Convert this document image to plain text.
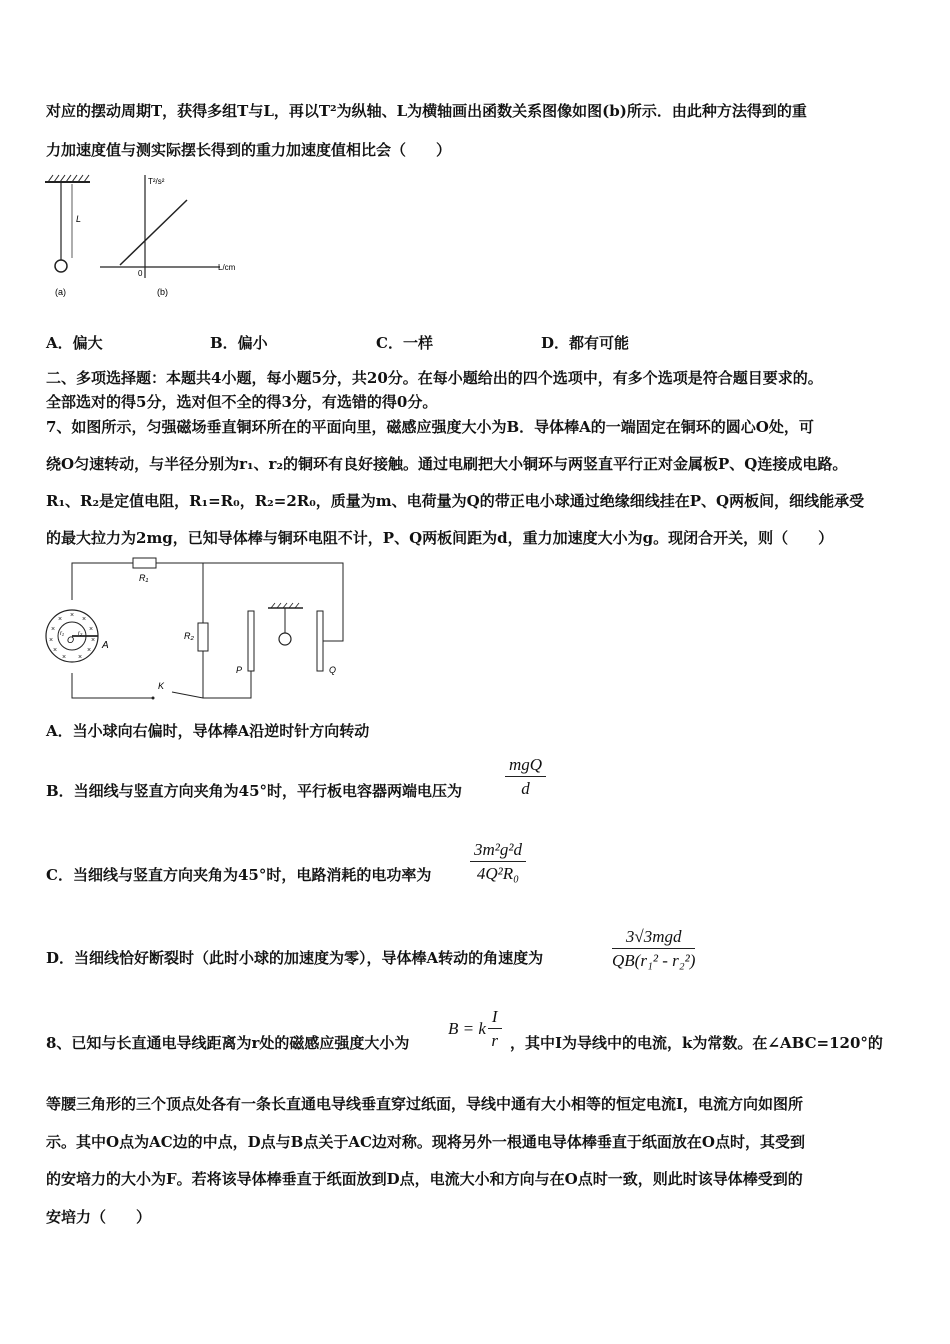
对应的摆动周期T，获得多组T与L，再以T²为纵轴、L为横轴画出函数关系图像如图(b)所示．由此种方法得到的重
力加速度值与测实际摆长得到的重力加速度值相比会（　　）
L
(a)
T²/s²
L/cm
0
(b)
A．偏大	B．偏小	C．一样	D．都有可能
二、多项选择题：本题共4小题，每小题5分，共20分。在每小题给出的四个选项中，有多个选项是符合题目要求的。
全部选对的得5分，选对但不全的得3分，有选错的得0分。
7、如图所示，匀强磁场垂直铜环所在的平面向里，磁感应强度大小为B．导体棒A的一端固定在铜环的圆心O处，可
绕O匀速转动，与半径分别为r₁、r₂的铜环有良好接触。通过电刷把大小铜环与两竖直平行正对金属板P、Q连接成电路。
R₁、R₂是定值电阻，R₁=R₀，R₂=2R₀，质量为m、电荷量为Q的带正电小球通过绝缘细线挂在P、Q两板间，细线能承受
的最大拉力为2mg，已知导体棒与铜环电阻不计，P、Q两板间距为d，重力加速度大小为g。现闭合开关，则（　　）
R₁
R₂
K
P	Q
×
×	×
×	×
×	×
×	×
× ×
A
O
r₁ r₂
A．当小球向右偏时，导体棒A沿逆时针方向转动
B．当细线与竖直方向夹角为45°时，平行板电容器两端电压为
mgQ
d
C．当细线与竖直方向夹角为45°时，电路消耗的电功率为 $\frac{\text{3m²g²d}}{\text{4Q²R₀}}$
D．当细线恰好断裂时（此时小球的加速度为零），导体棒A转动的角速度为
3√3mgd
QB(r₁² - r₂²)
8、已知与长直通电导线距离为r处的磁感应强度大小为
B = k $\frac{I}{r}$ ，其中I为导线中的电流，k为常数。在∠ABC=120°的
等腰三角形的三个顶点处各有一条长直通电导线垂直穿过纸面，导线中通有大小相等的恒定电流I，电流方向如图所
示。其中O点为AC边的中点，D点与B点关于AC边对称。现将另外一根通电导体棒垂直于纸面放在O点时，其受到
的安培力的大小为F。若将该导体棒垂直于纸面放到D点，电流大小和方向与在O点时一致，则此时该导体棒受到的
安培力（　　）
